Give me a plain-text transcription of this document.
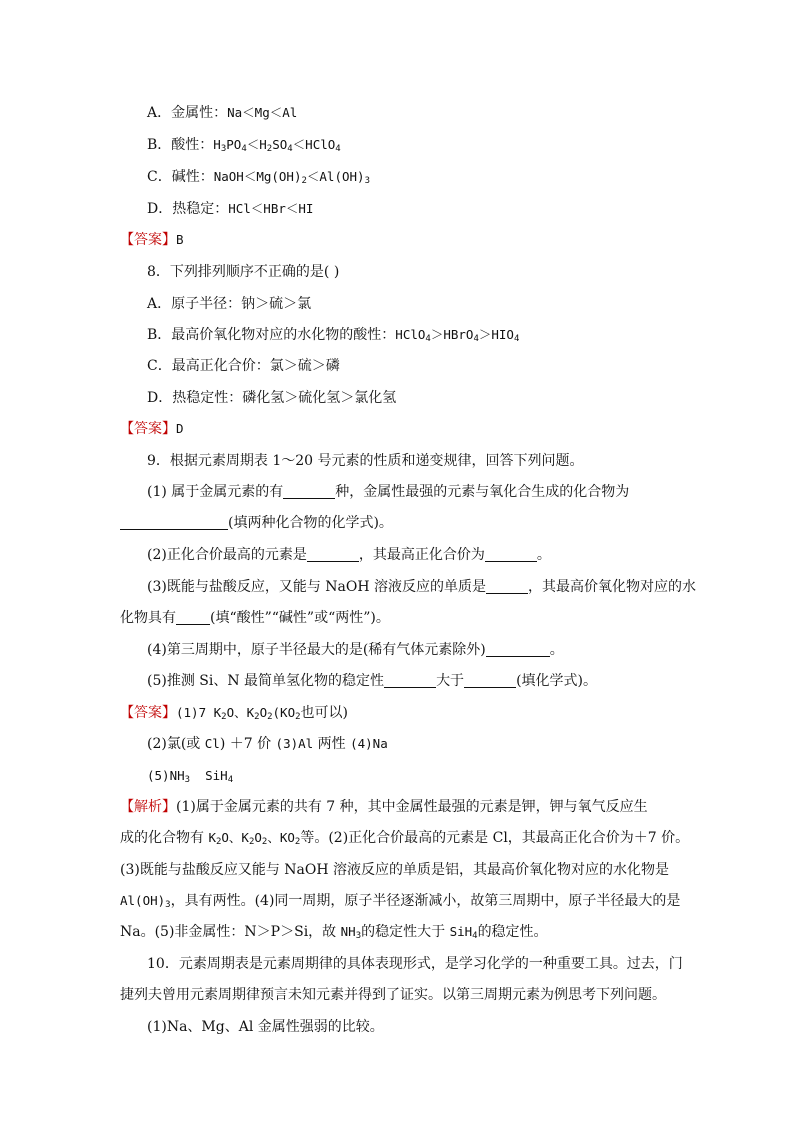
A．金属性：Na＜Mg＜Al
B．酸性：$H_3PO_4<H_2SO_4<HClO_4$
C．碱性：$NaOH<Mg(OH)_2<Al(OH)_3$
D．热稳定：HCl＜HBr＜HI
【答案】B
8．下列排列顺序不正确的是( )
A．原子半径：钠＞硫＞氯
B．最高价氧化物对应的水化物的酸性：$HClO_4>HBrO_4>HIO_4$
C．最高正化合价：氯＞硫＞磷
D．热稳定性：磷化氢＞硫化氢＞氯化氢
【答案】D
9．根据元素周期表 1～20 号元素的性质和递变规律，回答下列问题。
(1) 属于金属元素的有	种，金属性最强的元素与氧化合生成的化合物为
(填两种化合物的化学式)。
(2)正化合价最高的元素是	，其最高正化合价为	。
(3)既能与盐酸反应，又能与 NaOH 溶液反应的单质是	，其最高价氧化物对应的水
化物具有 (填“酸性”“碱性”或“两性”)。
(4)第三周期中，原子半径最大的是(稀有气体元素除外)	。
(5)推测 Si、N 最简单氢化物的稳定性	大于	(填化学式)。
【答案】(1)7 $K_2O$、$K_2O_2(KO_2$也可以)
(2)氯(或 Cl) ＋7 价 (3)Al 两性 (4)Na
$(5)NH_3$  SiH$_4$
【解析】(1)属于金属元素的共有 7 种，其中金属性最强的元素是钾，钾与氧气反应生
成的化合物有 $K_2O$、$K_2O_2$、$KO_2$等。(2)正化合价最高的元素是 Cl，其最高正化合价为＋7 价。
(3)既能与盐酸反应又能与 NaOH 溶液反应的单质是铝，其最高价氧化物对应的水化物是
$Al(OH)_3$，具有两性。(4)同一周期，原子半径逐渐减小，故第三周期中，原子半径最大的是
Na。(5)非金属性：N＞P＞Si，故 $NH_3$的稳定性大于 SiH$_4$的稳定性。
10．元素周期表是元素周期律的具体表现形式，是学习化学的一种重要工具。过去，门
捷列夫曾用元素周期律预言未知元素并得到了证实。以第三周期元素为例思考下列问题。
(1)Na、Mg、Al 金属性强弱的比较。
